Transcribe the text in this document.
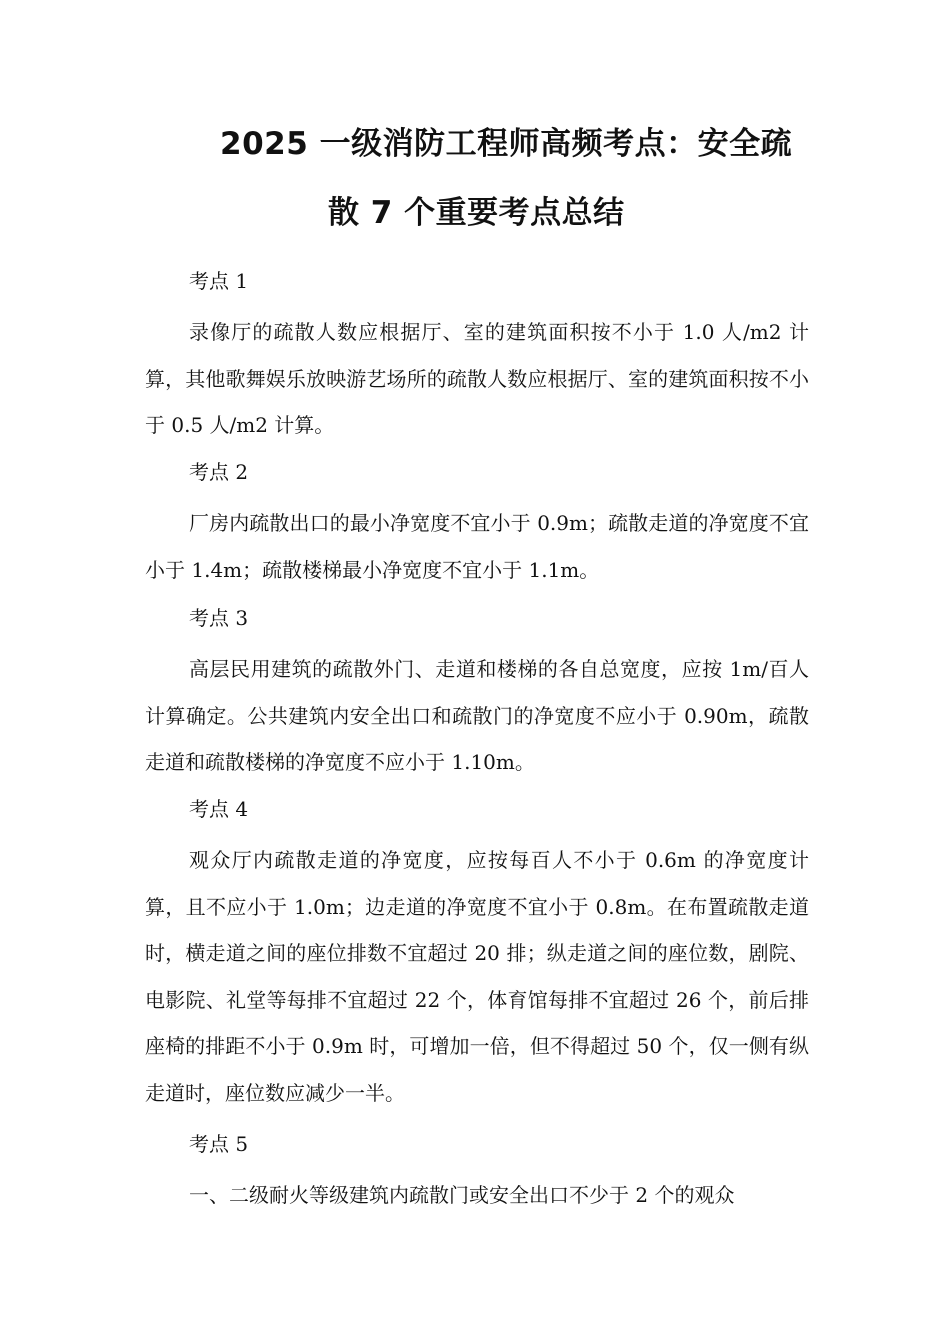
2025 一级消防工程师高频考点：安全疏
散 7 个重要考点总结

考点 1

录像厅的疏散人数应根据厅、室的建筑面积按不小于 1.0 人/m2 计算，其他歌舞娱乐放映游艺场所的疏散人数应根据厅、室的建筑面积按不小于 0.5 人/m2 计算。

考点 2

厂房内疏散出口的最小净宽度不宜小于 0.9m；疏散走道的净宽度不宜小于 1.4m；疏散楼梯最小净宽度不宜小于 1.1m。

考点 3

高层民用建筑的疏散外门、走道和楼梯的各自总宽度，应按 1m/百人计算确定。公共建筑内安全出口和疏散门的净宽度不应小于 0.90m，疏散走道和疏散楼梯的净宽度不应小于 1.10m。

考点 4

观众厅内疏散走道的净宽度，应按每百人不小于 0.6m 的净宽度计算，且不应小于 1.0m；边走道的净宽度不宜小于 0.8m。在布置疏散走道时，横走道之间的座位排数不宜超过 20 排；纵走道之间的座位数，剧院、电影院、礼堂等每排不宜超过 22 个，体育馆每排不宜超过 26 个，前后排座椅的排距不小于 0.9m 时，可增加一倍，但不得超过 50 个，仅一侧有纵走道时，座位数应减少一半。

考点 5

一、二级耐火等级建筑内疏散门或安全出口不少于 2 个的观众
